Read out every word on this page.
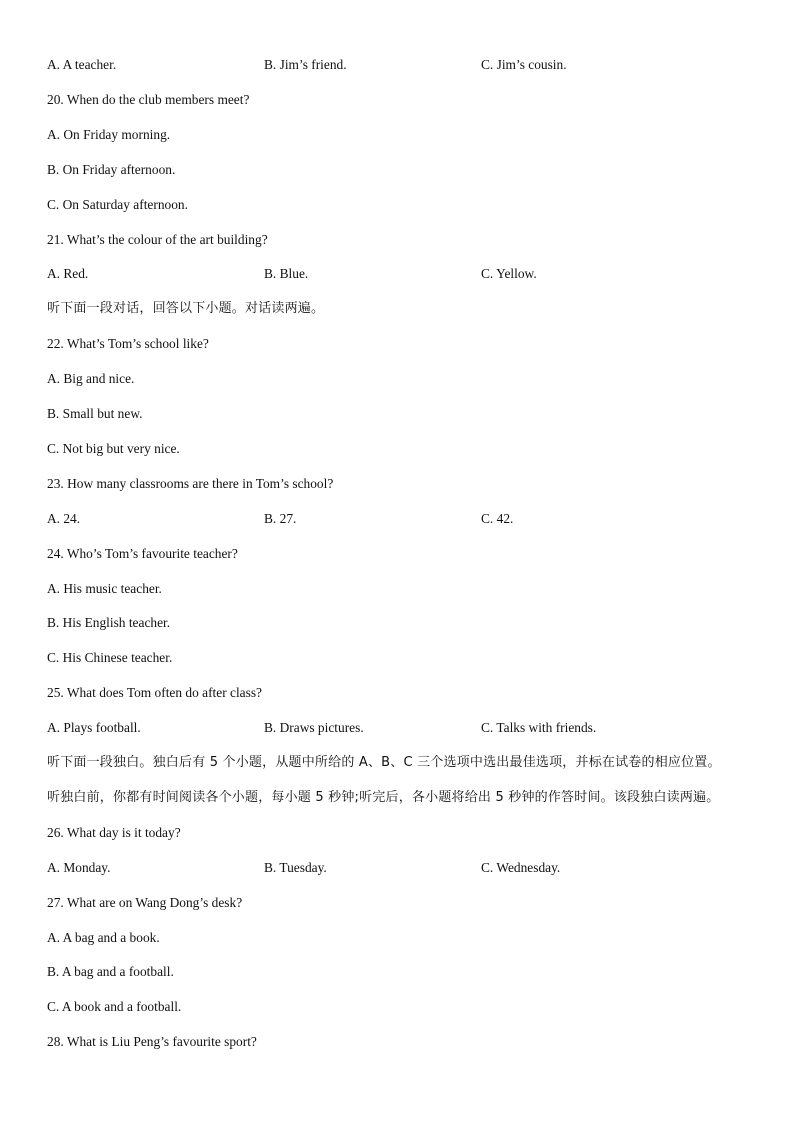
A. A teacher.	B. Jim’s friend.	C. Jim’s cousin.
20. When do the club members meet?
A. On Friday morning.
B. On Friday afternoon.
C. On Saturday afternoon.
21. What’s the colour of the art building?
A. Red.	B. Blue.	C. Yellow.
听下面一段对话，回答以下小题。对话读两遍。
22. What’s Tom’s school like?
A. Big and nice.
B. Small but new.
C. Not big but very nice.
23. How many classrooms are there in Tom’s school?
A. 24.	B. 27.	C. 42.
24. Who’s Tom’s favourite teacher?
A. His music teacher.
B. His English teacher.
C. His Chinese teacher.
25. What does Tom often do after class?
A. Plays football.	B. Draws pictures.	C. Talks with friends.
听下面一段独白。独白后有 5 个小题，从题中所给的 A、B、C 三个选项中选出最佳选项，并标在试卷的相应位置。
听独白前，你都有时间阅读各个小题，每小题 5 秒钟;听完后，各小题将给出 5 秒钟的作答时间。该段独白读两遍。
26. What day is it today?
A. Monday.	B. Tuesday.	C. Wednesday.
27. What are on Wang Dong’s desk?
A. A bag and a book.
B. A bag and a football.
C. A book and a football.
28. What is Liu Peng’s favourite sport?
